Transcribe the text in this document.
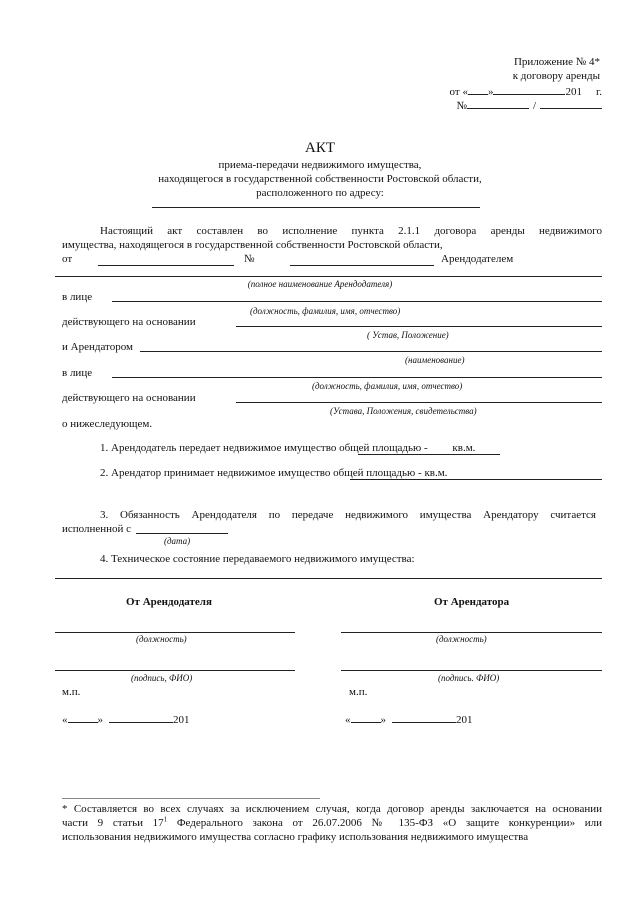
Приложение № 4*
к договору аренды
от « »	201 г.
№	/
АКТ
приема-передачи недвижимого имущества,
находящегося в государственной собственности Ростовской области,
расположенного по адресу:
Настоящий акт составлен во исполнение пункта 2.1.1 договора аренды недвижимого
имущества, находящегося в государственной собственности Ростовской области,
от	№	Арендодателем
(полное наименование Арендодателя)
в лице
(должность, фамилия, имя, отчество)
действующего на основании
( Устав, Положение)
и Арендатором
(наименование)
в лице
(должность, фамилия, имя, отчество)
действующего на основании
(Устава, Положения, свидетельства)
о нижеследующем.
1. Арендодатель передает недвижимое имущество общей площадью - кв.м.
2. Арендатор принимает недвижимое имущество общей площадью - кв.м.
3. Обязанность Арендодателя по передаче недвижимого имущества Арендатору считается
исполненной с
(дата)
4. Техническое состояние передаваемого недвижимого имущества:
От Арендодателя
(должность)
(подпись, ФИО)
м.п.
«	»	201
От Арендатора
(должность)
(подпись. ФИО)
м.п.
«	»	201
* Составляется во всех случаях за исключением случая, когда договор аренды заключается на основании
части 9 статьи $17^1$ Федерального закона от 26.07.2006 № 135-ФЗ «О защите конкуренции» или
использования недвижимого имущества согласно графику использования недвижимого имущества
